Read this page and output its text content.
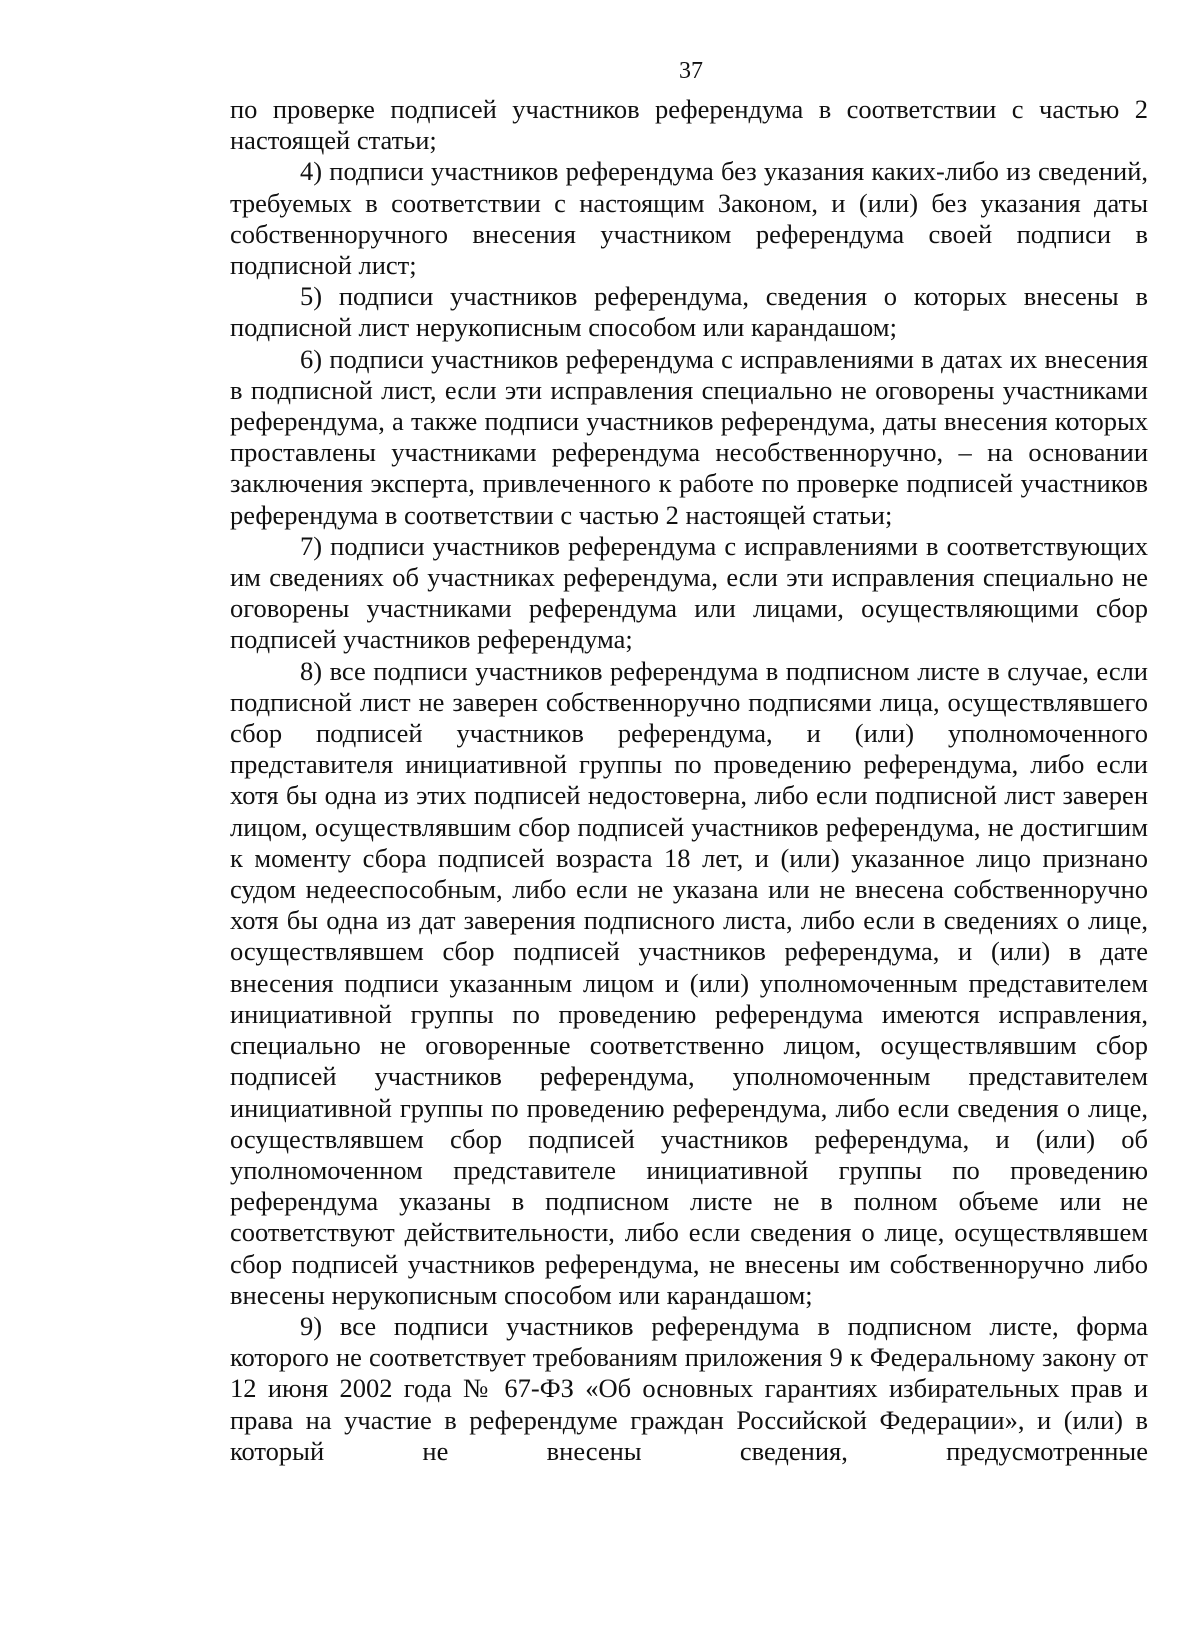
37

по проверке подписей участников референдума в соответствии с частью 2 настоящей статьи;

4) подписи участников референдума без указания каких-либо из сведений, требуемых в соответствии с настоящим Законом, и (или) без указания даты собственноручного внесения участником референдума своей подписи в подписной лист;

5) подписи участников референдума, сведения о которых внесены в подписной лист нерукописным способом или карандашом;

6) подписи участников референдума с исправлениями в датах их внесения в подписной лист, если эти исправления специально не оговорены участниками референдума, а также подписи участников референдума, даты внесения которых проставлены участниками референдума несобственноручно, – на основании заключения эксперта, привлеченного к работе по проверке подписей участников референдума в соответствии с частью 2 настоящей статьи;

7) подписи участников референдума с исправлениями в соответствующих им сведениях об участниках референдума, если эти исправления специально не оговорены участниками референдума или лицами, осуществляющими сбор подписей участников референдума;

8) все подписи участников референдума в подписном листе в случае, если подписной лист не заверен собственноручно подписями лица, осуществлявшего сбор подписей участников референдума, и (или) уполномоченного представителя инициативной группы по проведению референдума, либо если хотя бы одна из этих подписей недостоверна, либо если подписной лист заверен лицом, осуществлявшим сбор подписей участников референдума, не достигшим к моменту сбора подписей возраста 18 лет, и (или) указанное лицо признано судом недееспособным, либо если не указана или не внесена собственноручно хотя бы одна из дат заверения подписного листа, либо если в сведениях о лице, осуществлявшем сбор подписей участников референдума, и (или) в дате внесения подписи указанным лицом и (или) уполномоченным представителем инициативной группы по проведению референдума имеются исправления, специально не оговоренные соответственно лицом, осуществлявшим сбор подписей участников референдума, уполномоченным представителем инициативной группы по проведению референдума, либо если сведения о лице, осуществлявшем сбор подписей участников референдума, и (или) об уполномоченном представителе инициативной группы по проведению референдума указаны в подписном листе не в полном объеме или не соответствуют действительности, либо если сведения о лице, осуществлявшем сбор подписей участников референдума, не внесены им собственноручно либо внесены нерукописным способом или карандашом;

9) все подписи участников референдума в подписном листе, форма которого не соответствует требованиям приложения 9 к Федеральному закону от 12 июня 2002 года № 67-ФЗ «Об основных гарантиях избирательных прав и права на участие в референдуме граждан Российской Федерации», и (или) в который не внесены сведения, предусмотренные
